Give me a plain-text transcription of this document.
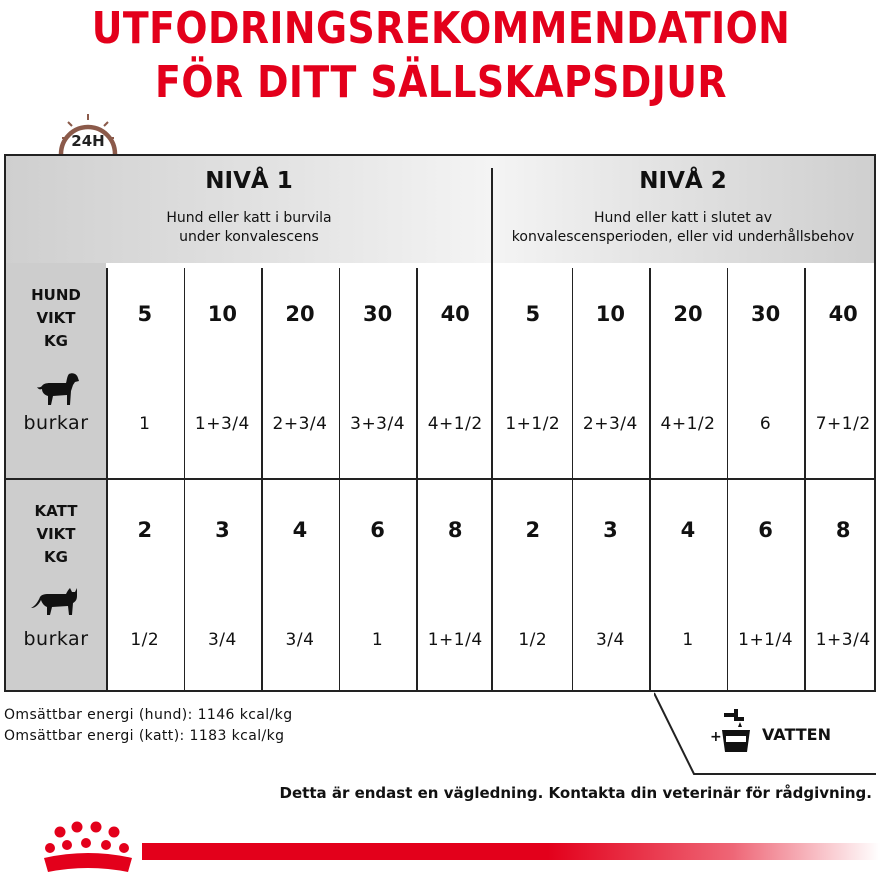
UTFODRINGSREKOMMENDATION FÖR DITT SÄLLSKAPSDJUR
24H
NIVÅ 1
Hund eller katt i burvila
under konvalescens
NIVÅ 2
Hund eller katt i slutet av
konvalescensperioden, eller vid underhållsbehov
HUND
VIKT
KG
burkar
KATT
VIKT
KG
burkar
5	10	20	30	40	5	10	20	30	40
1	1+3/4	2+3/4	3+3/4	4+1/2	1+1/2	2+3/4	4+1/2	6	7+1/2
2	3	4	6	8	2	3	4	6	8
1/2	3/4	3/4	1	1+1/4	1/2	3/4	1	1+1/4	1+3/4
Omsättbar energi (hund): 1146 kcal/kg
Omsättbar energi (katt): 1183 kcal/kg	+	VATTEN
Detta är endast en vägledning. Kontakta din veterinär för rådgivning.
